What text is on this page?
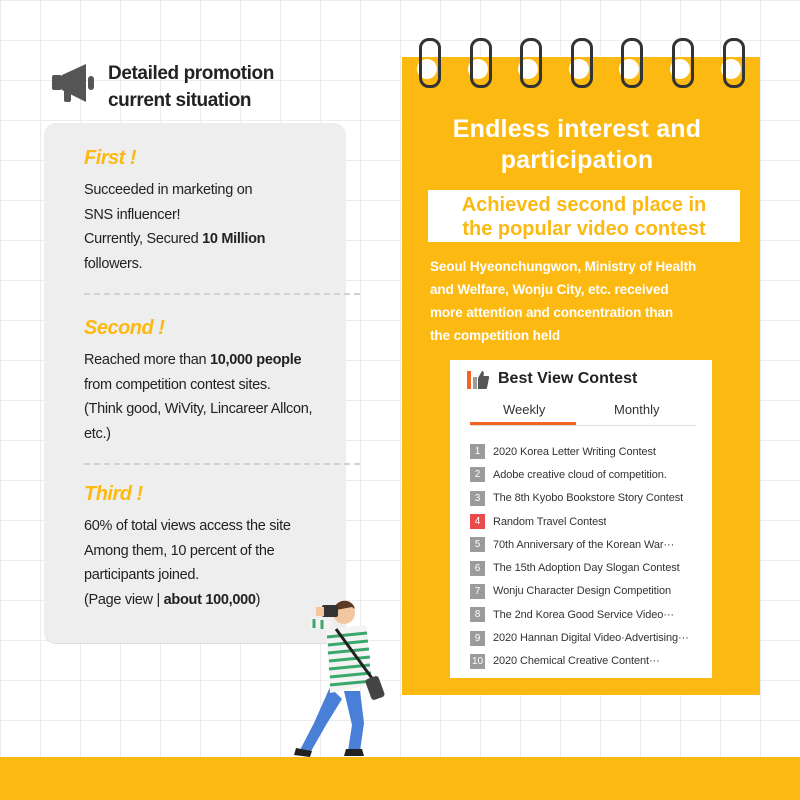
Detailed promotion
current situation
First !
Succeeded in marketing on
SNS influencer!
Currently, Secured 10 Million
followers.
Second !
Reached more than 10,000 people
from competition contest sites.
(Think good, WiVity, Lincareer Allcon,
etc.)
Third !
60% of total views access the site
Among them, 10 percent of the
participants joined.
(Page view | about 100,000)
Endless interest and
participation
Achieved second place in
the popular video contest
Seoul Hyeonchungwon, Ministry of Health
and Welfare, Wonju City, etc. received
more attention and concentration than
the competition held
Best View Contest
Weekly	Monthly
1	2020 Korea Letter Writing Contest
2	Adobe creative cloud of competition.
3	The 8th Kyobo Bookstore Story Contest
4	Random Travel Contest
5	70th Anniversary of the Korean War···
6	The 15th Adoption Day Slogan Contest
7	Wonju Character Design Competition
8	The 2nd Korea Good Service Video···
9	2020 Hannan Digital Video·Advertising···
10 2020 Chemical Creative Content···
